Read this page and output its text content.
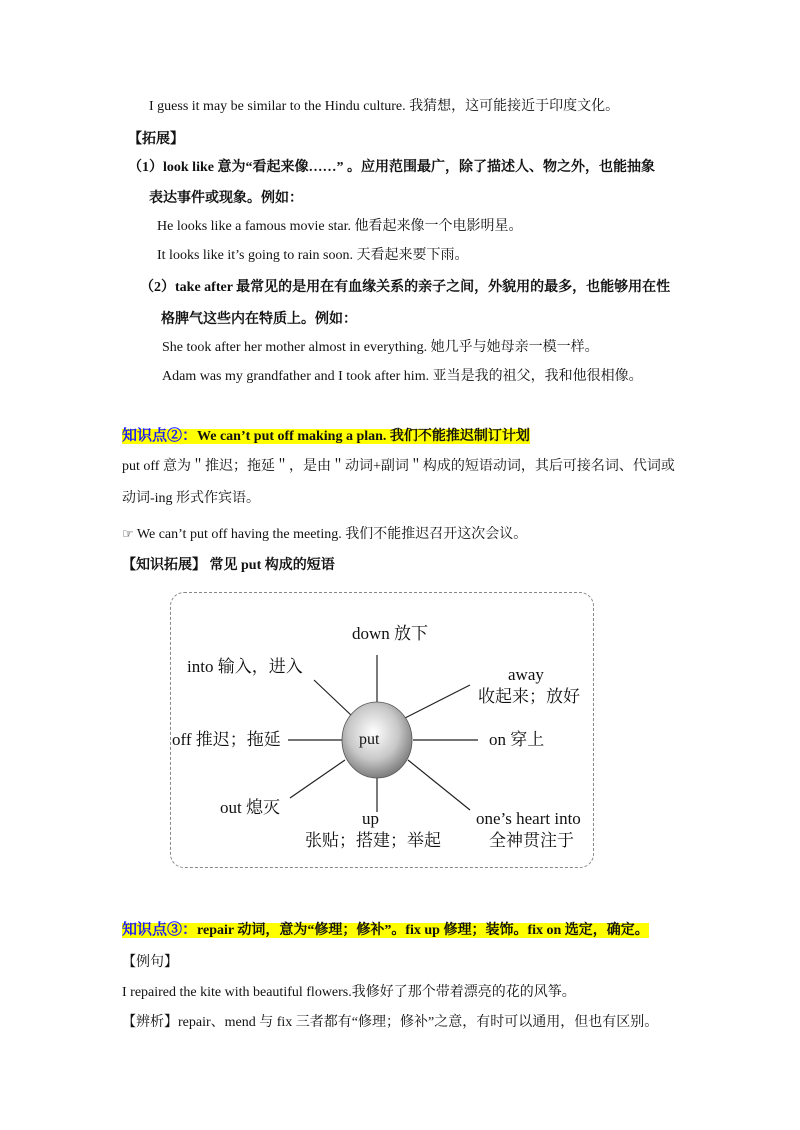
I guess it may be similar to the Hindu culture. 我猜想，这可能接近于印度文化。
【拓展】
（1）look like 意为“看起来像……” 。应用范围最广，除了描述人、物之外，也能抽象
表达事件或现象。例如：
He looks like a famous movie star. 他看起来像一个电影明星。
It looks like it’s going to rain soon. 天看起来要下雨。
（2）take after 最常见的是用在有血缘关系的亲子之间，外貌用的最多，也能够用在性
格脾气这些内在特质上。例如：
She took after her mother almost in everything. 她几乎与她母亲一模一样。
Adam was my grandfather and I took after him. 亚当是我的祖父，我和他很相像。
知识点②：We can’t put off making a plan. 我们不能推迟制订计划
put off 意为＂推迟；拖延＂，是由＂动词+副词＂构成的短语动词，其后可接名词、代词或
动词-ing 形式作宾语。
☞ We can’t put off having the meeting. 我们不能推迟召开这次会议。
【知识拓展】 常见 put 构成的短语
put
down 放下
into 输入，进入	away
收起来；放好
off 推迟；拖延	on 穿上
out 熄灭
up
张贴；搭建；举起
one’s heart into
全神贯注于
知识点③：repair 动词，意为“修理；修补”。fix up 修理；装饰。fix on 选定，确定。
【例句】
I repaired the kite with beautiful flowers.我修好了那个带着漂亮的花的风筝。
【辨析】repair、mend 与 fix 三者都有“修理；修补”之意，有时可以通用，但也有区别。
